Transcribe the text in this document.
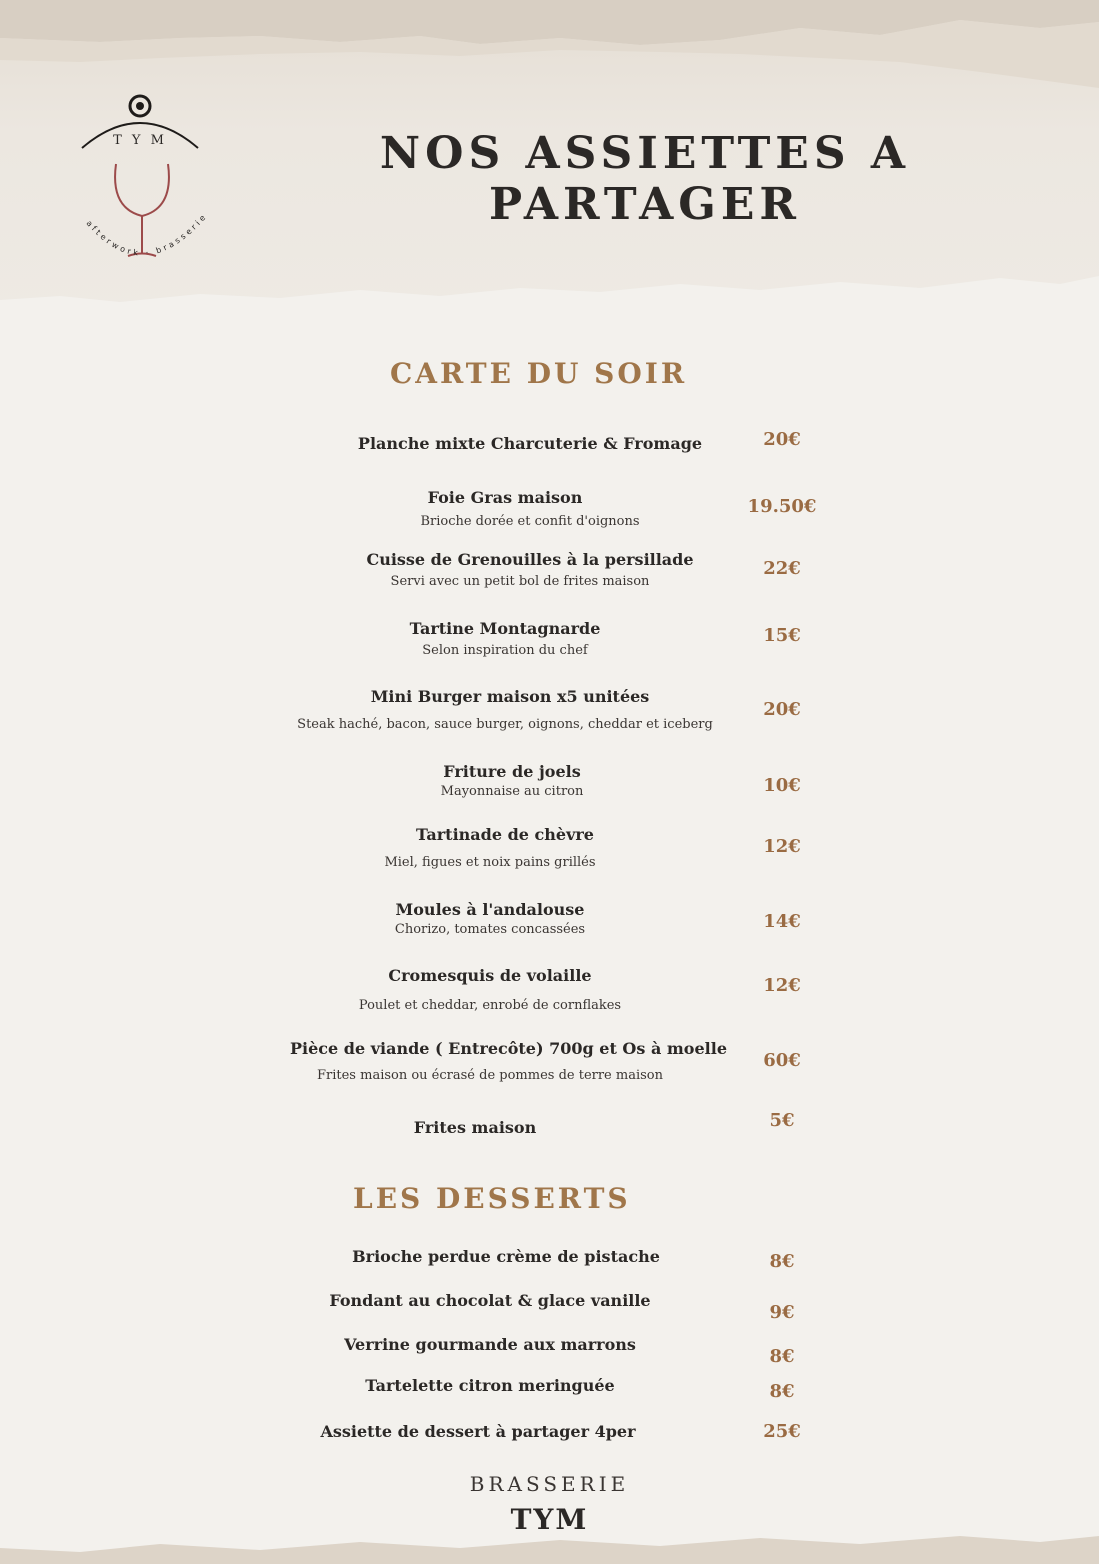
T Y M
afterwork · brasserie
NOS ASSIETTES A PARTAGER
CARTE DU SOIR
Planche mixte Charcuterie & Fromage	20€
Foie Gras maison
Brioche dorée et confit d'oignons
19.50€
Cuisse de Grenouilles à la persillade
Servi avec un petit bol de frites maison
22€
Tartine Montagnarde
Selon inspiration du chef
15€
Mini Burger maison x5 unitées
Steak haché, bacon, sauce burger, oignons, cheddar et iceberg
20€
Friture de joels
Mayonnaise au citron	10€
Tartinade de chèvre
Miel, figues et noix pains grillés
12€
Moules à l'andalouse
Chorizo, tomates concassées	14€
Cromesquis de volaille
Poulet et cheddar, enrobé de cornflakes
12€
Pièce de viande ( Entrecôte) 700g et Os à moelle
Frites maison ou écrasé de pommes de terre maison
60€
Frites maison	5€
LES DESSERTS
Brioche perdue crème de pistache	8€
Fondant au chocolat & glace vanille
9€
Verrine gourmande aux marrons
8€
Tartelette citron meringuée	8€
Assiette de dessert à partager 4per	25€
BRASSERIE
TYM
